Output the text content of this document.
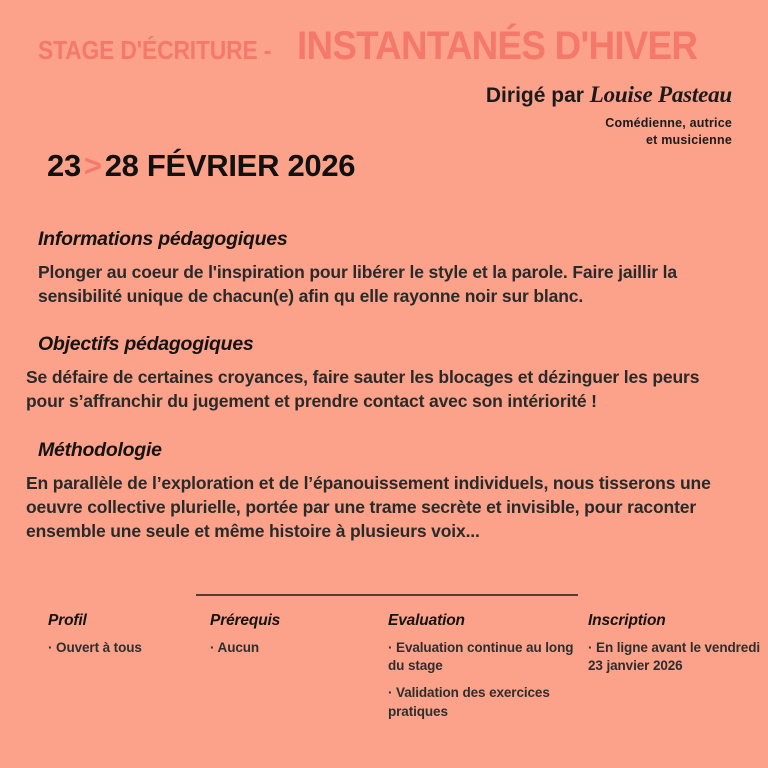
STAGE D'ÉCRITURE - INSTANTANÉS D'HIVER
Dirigé par Louise Pasteau
Comédienne, autrice
et musicienne
23>28 FÉVRIER 2026
Informations pédagogiques

Plonger au coeur de l'inspiration pour libérer le style et la parole. Faire jaillir la sensibilité unique de chacun(e) afin qu elle rayonne noir sur blanc.

Objectifs pédagogiques

Se défaire de certaines croyances, faire sauter les blocages et dézinguer les peurs pour s’affranchir du jugement et prendre contact avec son intériorité !

Méthodologie

En parallèle de l’exploration et de l’épanouissement individuels, nous tisserons une oeuvre collective plurielle, portée par une trame secrète et invisible, pour raconter ensemble une seule et même histoire à plusieurs voix...

Profil

· Ouvert à tous

Prérequis

· Aucun

Evaluation

· Evaluation continue au long du stage

· Validation des exercices pratiques

Inscription

· En ligne avant le vendredi 23 janvier 2026
